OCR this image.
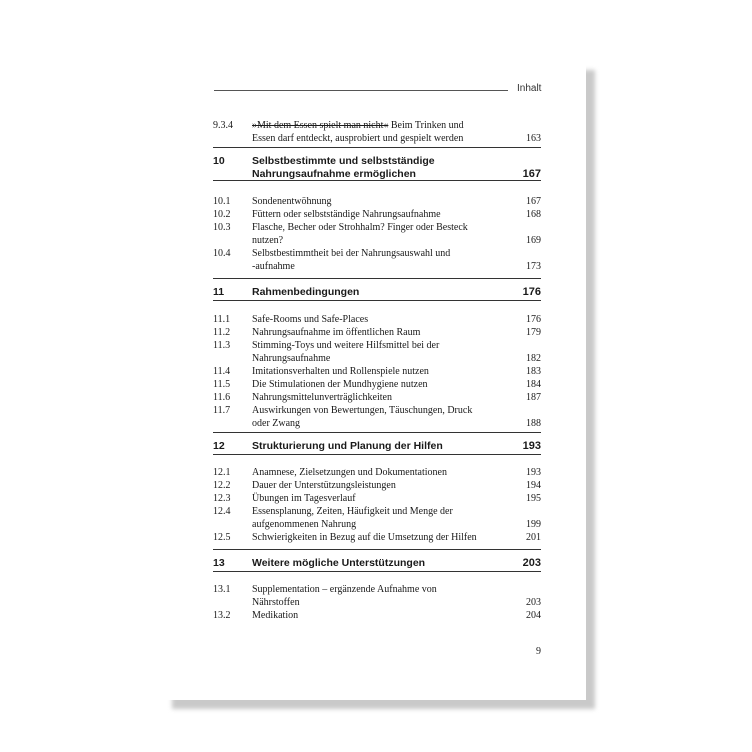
Inhalt
9.3.4	»Mit dem Essen spielt man nicht« Beim Trinken und
Essen darf entdeckt, ausprobiert und gespielt werden	163
10	Selbstbestimmte und selbstständige
Nahrungsaufnahme ermöglichen	167
10.1	Sondenentwöhnung	167
10.2	Füttern oder selbstständige Nahrungsaufnahme	168
10.3	Flasche, Becher oder Strohhalm? Finger oder Besteck
nutzen?	169
10.4	Selbstbestimmtheit bei der Nahrungsauswahl und
-aufnahme	173
11	Rahmenbedingungen	176
11.1	Safe-Rooms und Safe-Places	176
11.2	Nahrungsaufnahme im öffentlichen Raum	179
11.3	Stimming-Toys und weitere Hilfsmittel bei der
Nahrungsaufnahme	182
11.4	Imitationsverhalten und Rollenspiele nutzen	183
11.5	Die Stimulationen der Mundhygiene nutzen	184
11.6	Nahrungsmittelunverträglichkeiten	187
11.7	Auswirkungen von Bewertungen, Täuschungen, Druck
oder Zwang	188
12	Strukturierung und Planung der Hilfen	193
12.1	Anamnese, Zielsetzungen und Dokumentationen	193
12.2	Dauer der Unterstützungsleistungen	194
12.3	Übungen im Tagesverlauf	195
12.4	Essensplanung, Zeiten, Häufigkeit und Menge der
aufgenommenen Nahrung	199
12.5	Schwierigkeiten in Bezug auf die Umsetzung der Hilfen	201
13	Weitere mögliche Unterstützungen	203
13.1	Supplementation – ergänzende Aufnahme von
Nährstoffen	203
13.2	Medikation	204
9
